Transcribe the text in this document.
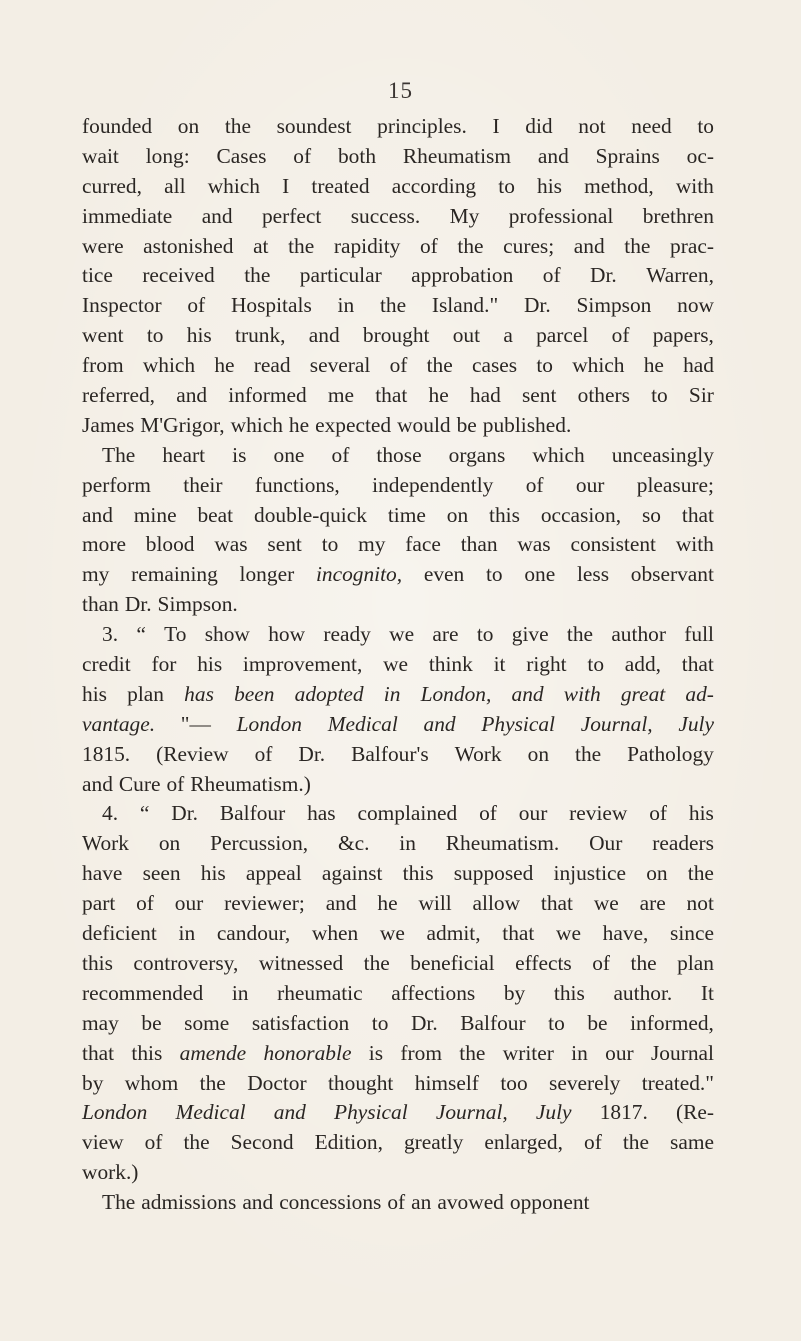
15
founded on the soundest principles. I did not need to
wait long: Cases of both Rheumatism and Sprains oc-
curred, all which I treated according to his method, with
immediate and perfect success. My professional brethren
were astonished at the rapidity of the cures; and the prac-
tice received the particular approbation of Dr. Warren,
Inspector of Hospitals in the Island." Dr. Simpson now
went to his trunk, and brought out a parcel of papers,
from which he read several of the cases to which he had
referred, and informed me that he had sent others to Sir
James M'Grigor, which he expected would be published.
The heart is one of those organs which unceasingly
perform their functions, independently of our pleasure;
and mine beat double-quick time on this occasion, so that
more blood was sent to my face than was consistent with
my remaining longer incognito, even to one less observant
than Dr. Simpson.
3. “ To show how ready we are to give the author full
credit for his improvement, we think it right to add, that
his plan has been adopted in London, and with great ad-
vantage. "— London Medical and Physical Journal, July
1815. (Review of Dr. Balfour's Work on the Pathology
and Cure of Rheumatism.)
4. “ Dr. Balfour has complained of our review of his
Work on Percussion, &c. in Rheumatism. Our readers
have seen his appeal against this supposed injustice on the
part of our reviewer; and he will allow that we are not
deficient in candour, when we admit, that we have, since
this controversy, witnessed the beneficial effects of the plan
recommended in rheumatic affections by this author. It
may be some satisfaction to Dr. Balfour to be informed,
that this amende honorable is from the writer in our Journal
by whom the Doctor thought himself too severely treated."
London Medical and Physical Journal, July 1817. (Re-
view of the Second Edition, greatly enlarged, of the same
work.)
The admissions and concessions of an avowed opponent
